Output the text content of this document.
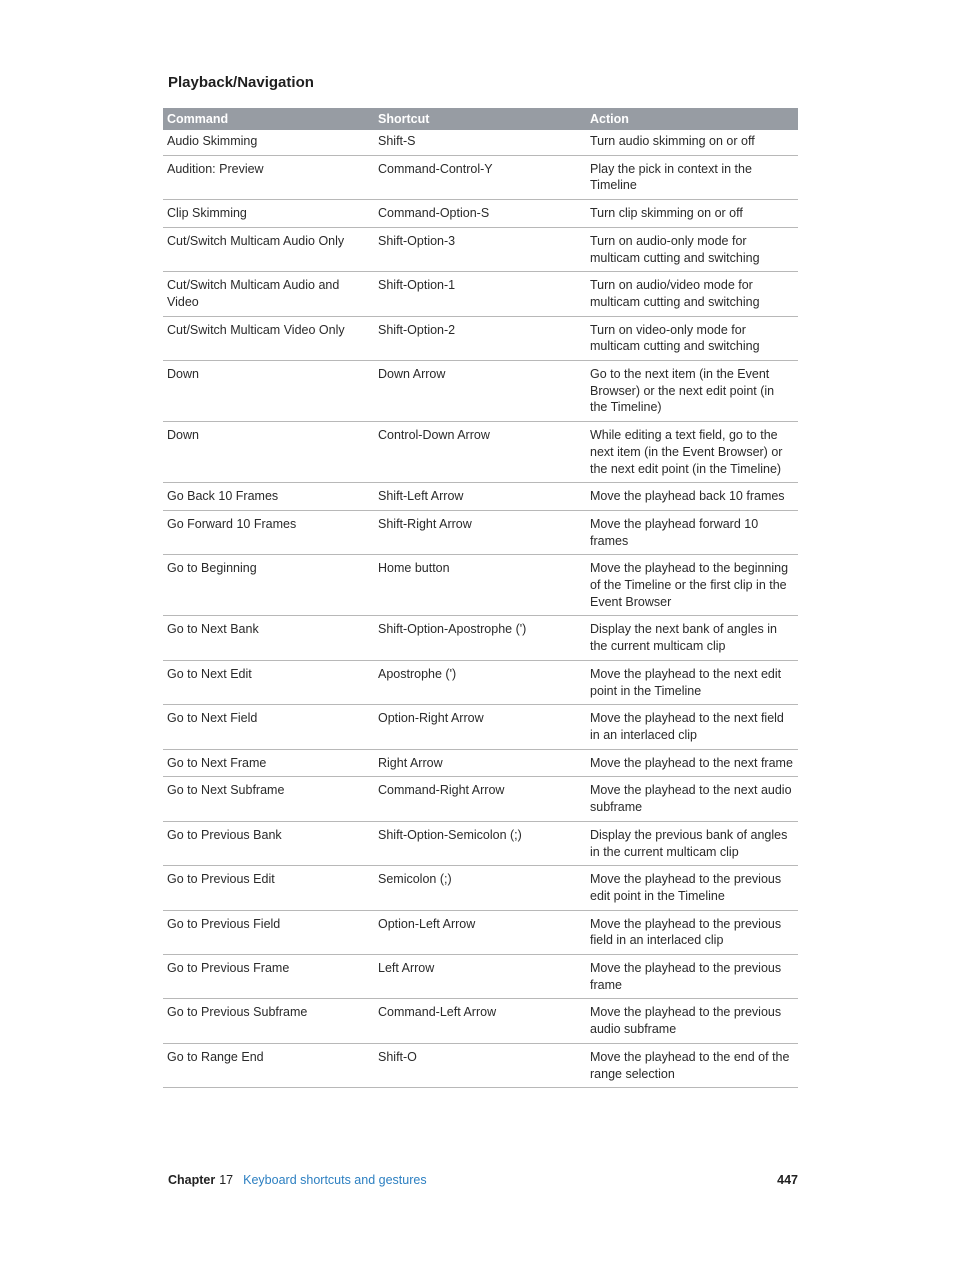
Playback/Navigation
Command	Shortcut	Action
Audio Skimming	Shift-S	Turn audio skimming on or off
Audition: Preview	Command-Control-Y	Play the pick in context in the Timeline
Clip Skimming	Command-Option-S	Turn clip skimming on or off
Cut/Switch Multicam Audio Only	Shift-Option-3	Turn on audio-only mode for multicam cutting and switching
Cut/Switch Multicam Audio and Video	Shift-Option-1	Turn on audio/video mode for multicam cutting and switching
Cut/Switch Multicam Video Only	Shift-Option-2	Turn on video-only mode for multicam cutting and switching
Down	Down Arrow	Go to the next item (in the Event Browser) or the next edit point (in the Timeline)
Down	Control-Down Arrow	While editing a text field, go to the next item (in the Event Browser) or the next edit point (in the Timeline)
Go Back 10 Frames	Shift-Left Arrow	Move the playhead back 10 frames
Go Forward 10 Frames	Shift-Right Arrow	Move the playhead forward 10 frames
Go to Beginning	Home button	Move the playhead to the beginning of the Timeline or the first clip in the Event Browser
Go to Next Bank	Shift-Option-Apostrophe (')	Display the next bank of angles in the current multicam clip
Go to Next Edit	Apostrophe (')	Move the playhead to the next edit point in the Timeline
Go to Next Field	Option-Right Arrow	Move the playhead to the next field in an interlaced clip
Go to Next Frame	Right Arrow	Move the playhead to the next frame
Go to Next Subframe	Command-Right Arrow	Move the playhead to the next audio subframe
Go to Previous Bank	Shift-Option-Semicolon (;)	Display the previous bank of angles in the current multicam clip
Go to Previous Edit	Semicolon (;)	Move the playhead to the previous edit point in the Timeline
Go to Previous Field	Option-Left Arrow	Move the playhead to the previous field in an interlaced clip
Go to Previous Frame	Left Arrow	Move the playhead to the previous frame
Go to Previous Subframe	Command-Left Arrow	Move the playhead to the previous audio subframe
Go to Range End	Shift-O	Move the playhead to the end of the range selection
Chapter 17 Keyboard shortcuts and gestures	447
